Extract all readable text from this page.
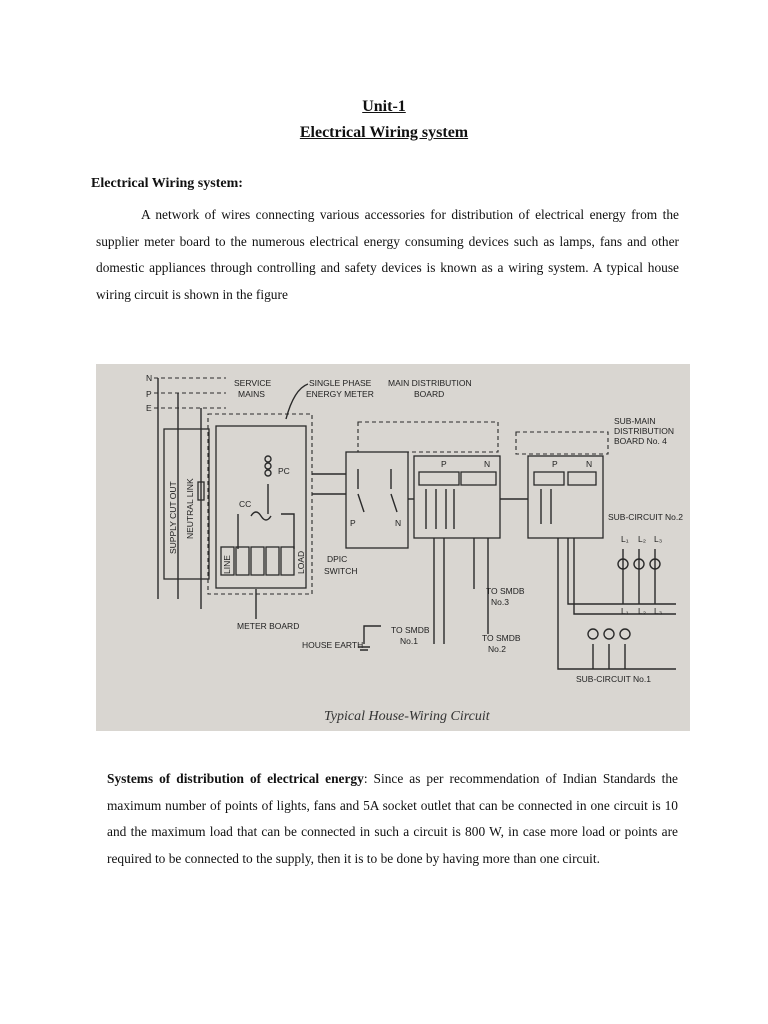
Unit-1
Electrical Wiring system
Electrical Wiring system:
A network of wires connecting various accessories for distribution of electrical energy from the supplier meter board to the numerous electrical energy consuming devices such as lamps, fans and other domestic appliances through controlling and safety devices is known as a wiring system. A typical house wiring circuit is shown in the figure
N
P
E
SERVICE
MAINS
SINGLE PHASE
ENERGY METER
MAIN DISTRIBUTION
BOARD
SUPPLY CUT OUT NEUTRAL LINK
PC
CC
LINE	LOAD
METER BOARD
P	N
DPIC
SWITCH
P	N
TO SMDB
No.3
TO SMDB
No.1	TO SMDB
No.2
HOUSE EARTH
SUB-MAIN
DISTRIBUTION
BOARD No. 4
P	N
SUB-CIRCUIT No.2
L₁ L₂ L₃
L₁ L₂ L₃
SUB-CIRCUIT No.1
Typical House-Wiring Circuit
Systems of distribution of electrical energy: Since as per recommendation of Indian Standards the maximum number of points of lights, fans and 5A socket outlet that can be connected in one circuit is 10 and the maximum load that can be connected in such a circuit is 800 W, in case more load or points are required to be connected to the supply, then it is to be done by having more than one circuit.
